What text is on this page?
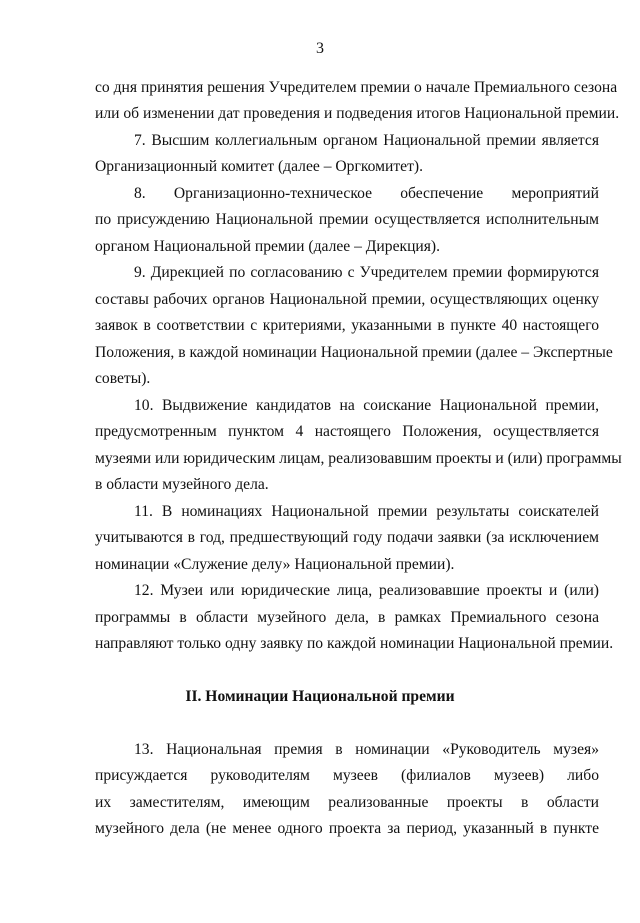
3
со дня принятия решения Учредителем премии о начале Премиального сезона
или об изменении дат проведения и подведения итогов Национальной премии.
7. Высшим коллегиальным органом Национальной премии является
Организационный комитет (далее – Оргкомитет).
8. Организационно-техническое обеспечение мероприятий
по присуждению Национальной премии осуществляется исполнительным
органом Национальной премии (далее – Дирекция).
9. Дирекцией по согласованию с Учредителем премии формируются
составы рабочих органов Национальной премии, осуществляющих оценку
заявок в соответствии с критериями, указанными в пункте 40 настоящего
Положения, в каждой номинации Национальной премии (далее – Экспертные
советы).
10. Выдвижение кандидатов на соискание Национальной премии,
предусмотренным пунктом 4 настоящего Положения, осуществляется
музеями или юридическим лицам, реализовавшим проекты и (или) программы
в области музейного дела.
11. В номинациях Национальной премии результаты соискателей
учитываются в год, предшествующий году подачи заявки (за исключением
номинации «Служение делу» Национальной премии).
12. Музеи или юридические лица, реализовавшие проекты и (или)
программы в области музейного дела, в рамках Премиального сезона
направляют только одну заявку по каждой номинации Национальной премии.
II. Номинации Национальной премии
13. Национальная премия в номинации «Руководитель музея»
присуждается руководителям музеев (филиалов музеев) либо
их заместителям, имеющим реализованные проекты в области
музейного дела (не менее одного проекта за период, указанный в пункте
